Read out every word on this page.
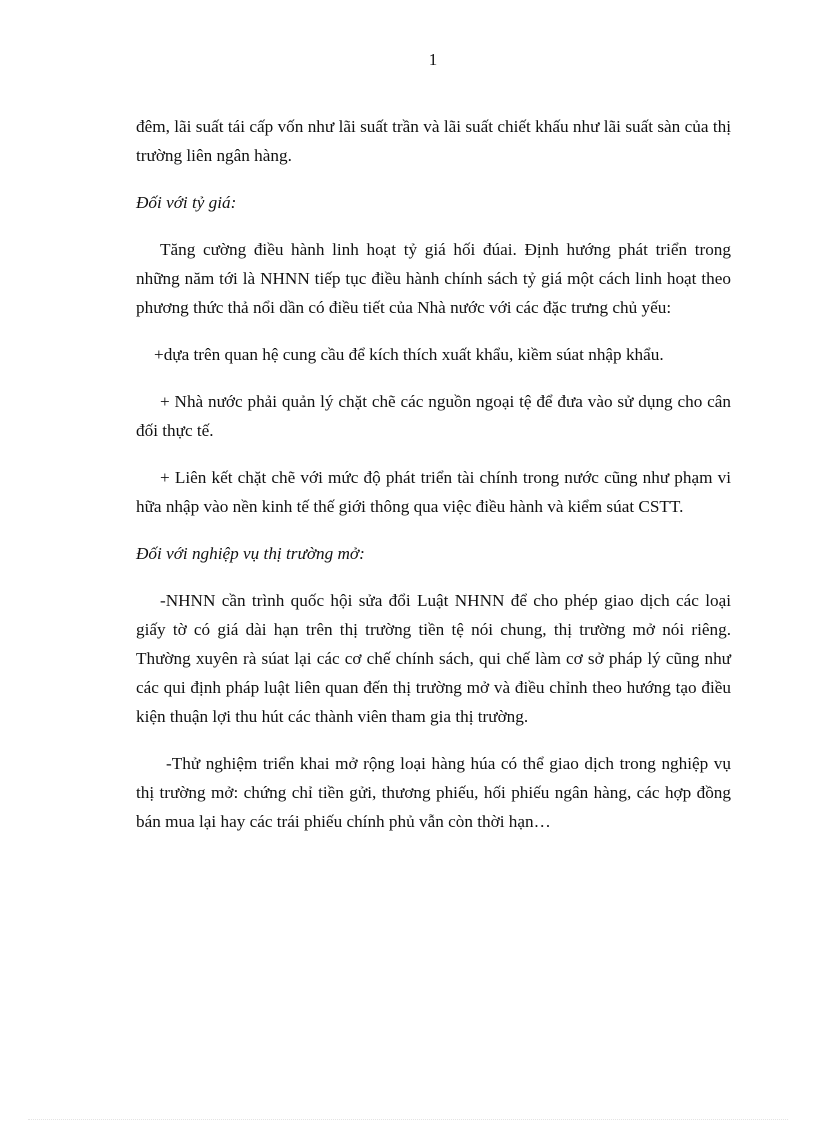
1

đêm, lãi suất tái cấp vốn như lãi suất trần và lãi suất chiết khấu như lãi suất sàn của thị trường liên ngân hàng.

Đối với tỷ giá:

Tăng cường điều hành linh hoạt tỷ giá hối đúai. Định hướng phát triển trong những năm tới là NHNN tiếp tục điều hành chính sách tỷ giá một cách linh hoạt theo phương thức thả nổi dần có điều tiết của Nhà nước với các đặc trưng chủ yếu:

+dựa trên quan hệ cung cầu để kích thích xuất khẩu, kiềm súat nhập khẩu.

+ Nhà nước phải quản lý chặt chẽ các nguồn ngoại tệ để đưa vào sử dụng cho cân đối thực tế.

+ Liên kết chặt chẽ với mức độ phát triển tài chính trong nước cũng như phạm vi hữa nhập vào nền kinh tế thế giới thông qua việc điều hành và kiểm súat CSTT.

Đối với nghiệp vụ thị trường mở:

-NHNN cần trình quốc hội sửa đổi Luật NHNN để cho phép giao dịch các loại giấy tờ có giá dài hạn trên thị trường tiền tệ nói chung, thị trường mở nói riêng. Thường xuyên rà súat lại các cơ chế chính sách, qui chế làm cơ sở pháp lý cũng như các qui định pháp luật liên quan đến thị trường mở và điều chỉnh theo hướng tạo điều kiện thuận lợi thu hút các thành viên tham gia thị trường.

-Thử nghiệm triển khai mở rộng loại hàng húa có thể giao dịch trong nghiệp vụ thị trường mở: chứng chỉ tiền gửi, thương phiếu, hối phiếu ngân hàng, các hợp đồng bán mua lại hay các trái phiếu chính phủ vẫn còn thời hạn…
